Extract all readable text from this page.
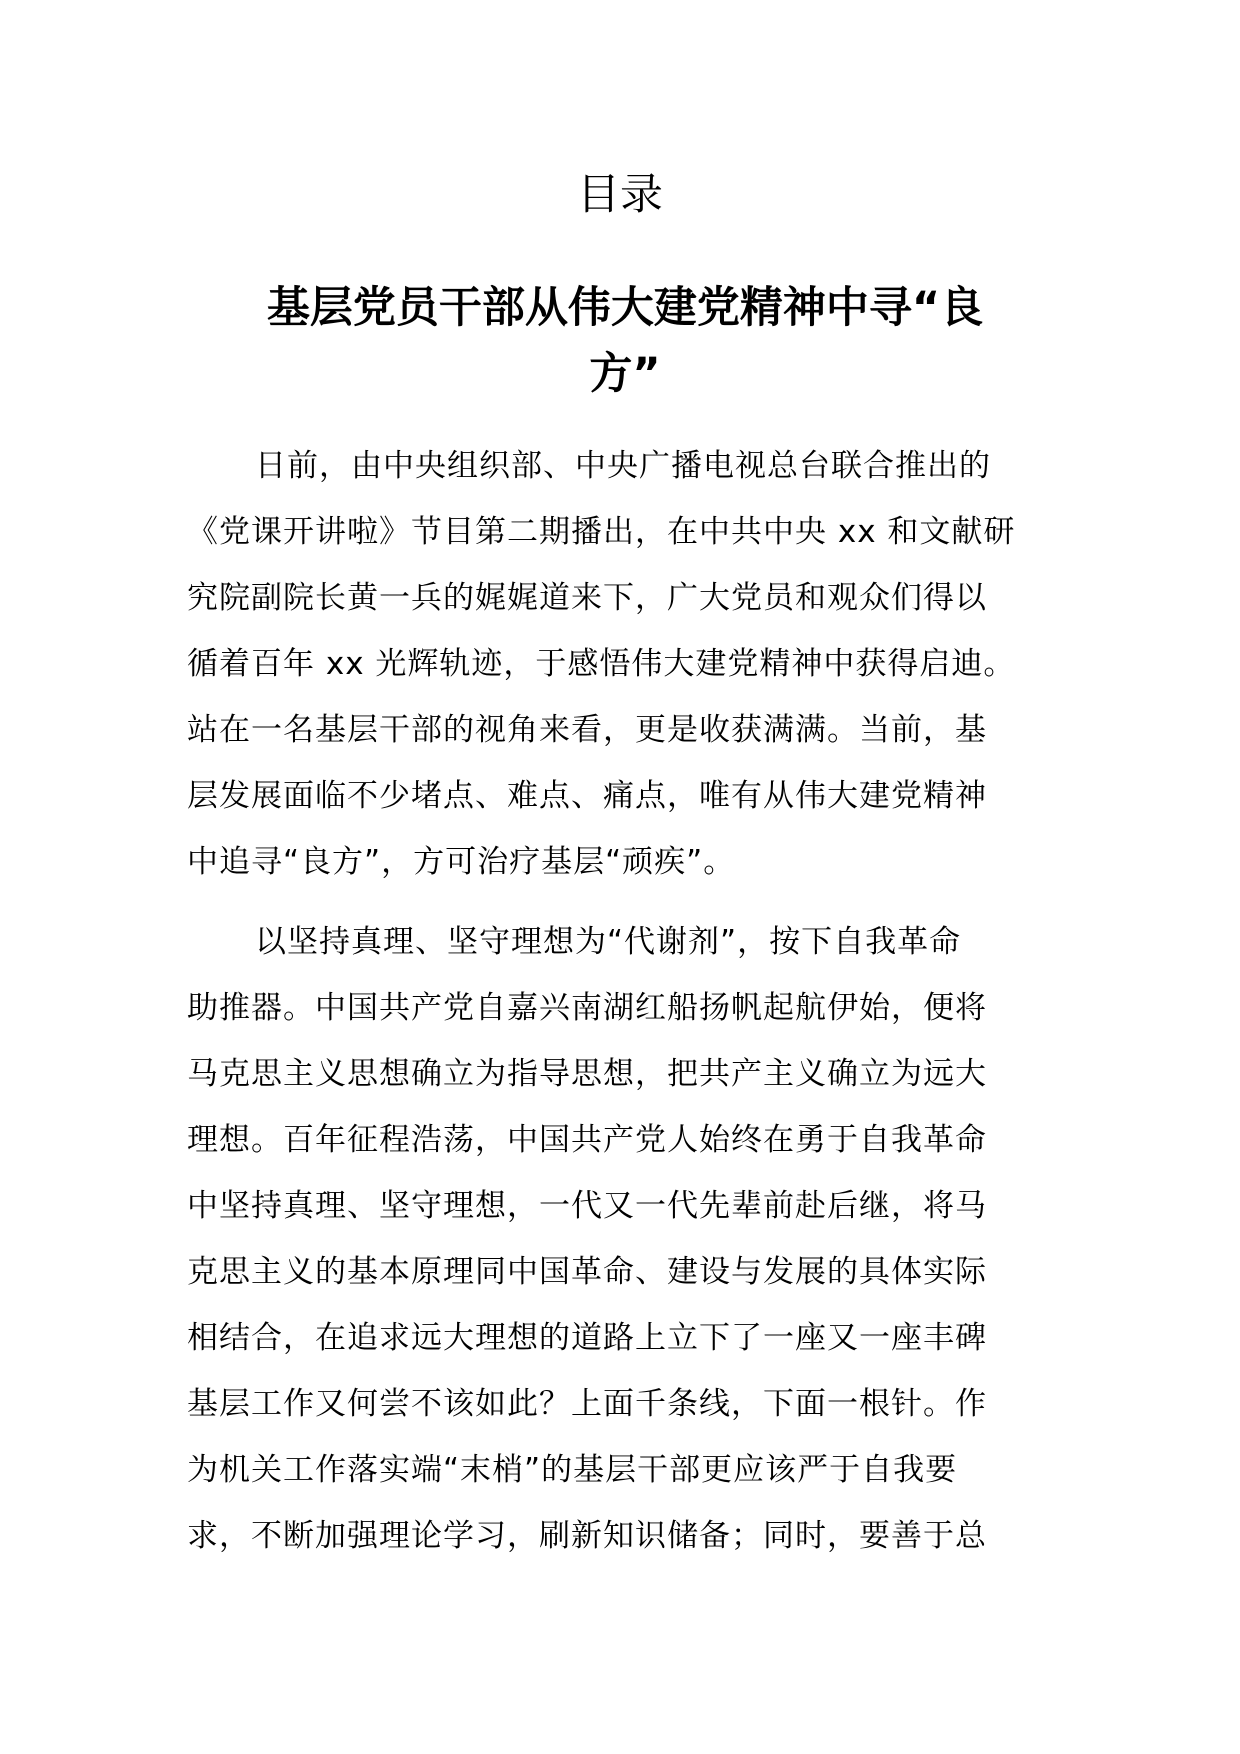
目录
基层党员干部从伟大建党精神中寻“良
方”
日前，由中央组织部、中央广播电视总台联合推出的
《党课开讲啦》节目第二期播出，在中共中央 xx 和文献研
究院副院长黄一兵的娓娓道来下，广大党员和观众们得以
循着百年 xx 光辉轨迹，于感悟伟大建党精神中获得启迪。
站在一名基层干部的视角来看，更是收获满满。当前，基
层发展面临不少堵点、难点、痛点，唯有从伟大建党精神
中追寻“良方”，方可治疗基层“顽疾”。
以坚持真理、坚守理想为“代谢剂”，按下自我革命
助推器。中国共产党自嘉兴南湖红船扬帆起航伊始，便将
马克思主义思想确立为指导思想，把共产主义确立为远大
理想。百年征程浩荡，中国共产党人始终在勇于自我革命
中坚持真理、坚守理想，一代又一代先辈前赴后继，将马
克思主义的基本原理同中国革命、建设与发展的具体实际
相结合，在追求远大理想的道路上立下了一座又一座丰碑
基层工作又何尝不该如此？上面千条线，下面一根针。作
为机关工作落实端“末梢”的基层干部更应该严于自我要
求，不断加强理论学习，刷新知识储备；同时，要善于总
